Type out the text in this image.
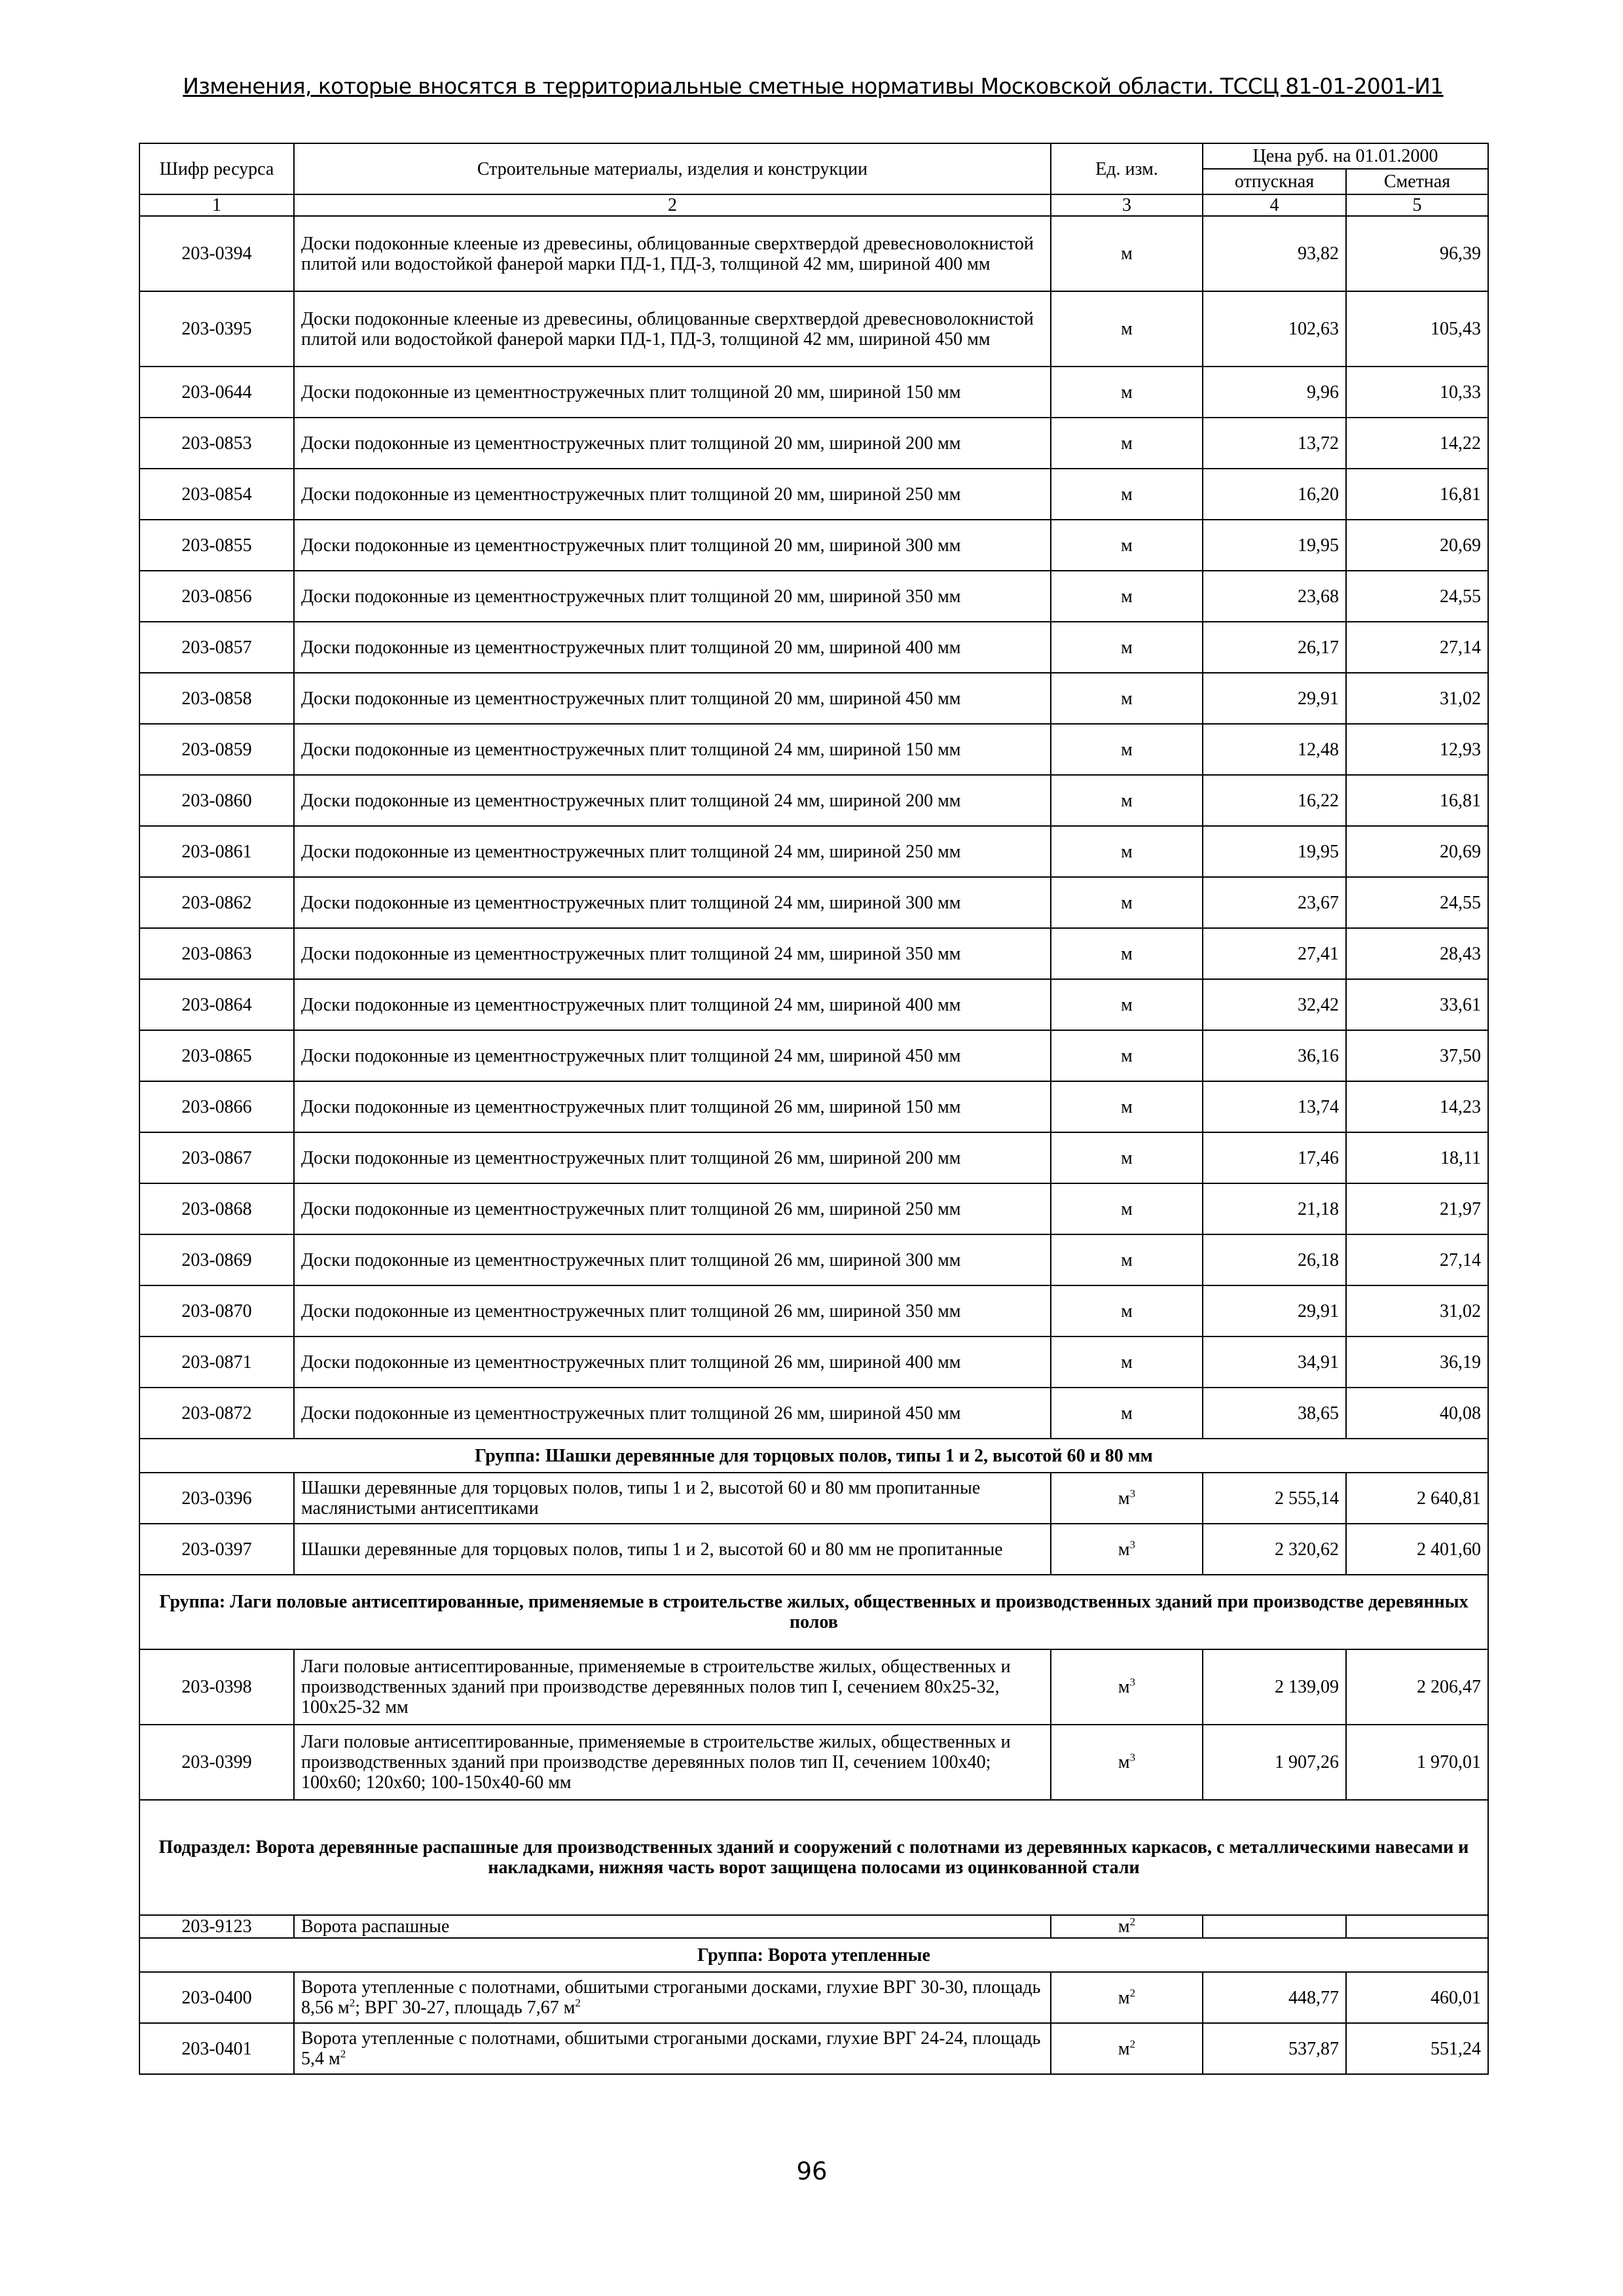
Изменения, которые вносятся в территориальные сметные нормативы Московской области. ТССЦ 81-01-2001-И1
Шифр ресурса	Строительные материалы, изделия и конструкции	Ед. изм.	Цена руб. на 01.01.2000	
			отпускная	Сметная
1	2	3	4	5
203-0394	Доски подоконные клееные из древесины, облицованные сверхтвердой древесноволокнистой плитой или водостойкой фанерой марки ПД-1, ПД-3, толщиной 42 мм, шириной 400 мм	м	93,82	96,39
203-0395	Доски подоконные клееные из древесины, облицованные сверхтвердой древесноволокнистой плитой или водостойкой фанерой марки ПД-1, ПД-3, толщиной 42 мм, шириной 450 мм	м	102,63	105,43
203-0644	Доски подоконные из цементностружечных плит толщиной 20 мм, шириной 150 мм	м	9,96	10,33
203-0853	Доски подоконные из цементностружечных плит толщиной 20 мм, шириной 200 мм	м	13,72	14,22
203-0854	Доски подоконные из цементностружечных плит толщиной 20 мм, шириной 250 мм	м	16,20	16,81
203-0855	Доски подоконные из цементностружечных плит толщиной 20 мм, шириной 300 мм	м	19,95	20,69
203-0856	Доски подоконные из цементностружечных плит толщиной 20 мм, шириной 350 мм	м	23,68	24,55
203-0857	Доски подоконные из цементностружечных плит толщиной 20 мм, шириной 400 мм	м	26,17	27,14
203-0858	Доски подоконные из цементностружечных плит толщиной 20 мм, шириной 450 мм	м	29,91	31,02
203-0859	Доски подоконные из цементностружечных плит толщиной 24 мм, шириной 150 мм	м	12,48	12,93
203-0860	Доски подоконные из цементностружечных плит толщиной 24 мм, шириной 200 мм	м	16,22	16,81
203-0861	Доски подоконные из цементностружечных плит толщиной 24 мм, шириной 250 мм	м	19,95	20,69
203-0862	Доски подоконные из цементностружечных плит толщиной 24 мм, шириной 300 мм	м	23,67	24,55
203-0863	Доски подоконные из цементностружечных плит толщиной 24 мм, шириной 350 мм	м	27,41	28,43
203-0864	Доски подоконные из цементностружечных плит толщиной 24 мм, шириной 400 мм	м	32,42	33,61
203-0865	Доски подоконные из цементностружечных плит толщиной 24 мм, шириной 450 мм	м	36,16	37,50
203-0866	Доски подоконные из цементностружечных плит толщиной 26 мм, шириной 150 мм	м	13,74	14,23
203-0867	Доски подоконные из цементностружечных плит толщиной 26 мм, шириной 200 мм	м	17,46	18,11
203-0868	Доски подоконные из цементностружечных плит толщиной 26 мм, шириной 250 мм	м	21,18	21,97
203-0869	Доски подоконные из цементностружечных плит толщиной 26 мм, шириной 300 мм	м	26,18	27,14
203-0870	Доски подоконные из цементностружечных плит толщиной 26 мм, шириной 350 мм	м	29,91	31,02
203-0871	Доски подоконные из цементностружечных плит толщиной 26 мм, шириной 400 мм	м	34,91	36,19
203-0872	Доски подоконные из цементностружечных плит толщиной 26 мм, шириной 450 мм	м	38,65	40,08
Группа: Шашки деревянные для торцовых полов, типы 1 и 2, высотой 60 и 80 мм				
203-0396	Шашки деревянные для торцовых полов, типы 1 и 2, высотой 60 и 80 мм пропитанные маслянистыми антисептиками	$м^3$	2 555,14	2 640,81
203-0397	Шашки деревянные для торцовых полов, типы 1 и 2, высотой 60 и 80 мм не пропитанные	$м^3$	2 320,62	2 401,60
Группа: Лаги половые антисептированные, применяемые в строительстве жилых, общественных и производственных зданий при производстве деревянных полов				
203-0398	Лаги половые антисептированные, применяемые в строительстве жилых, общественных и производственных зданий при производстве деревянных полов тип I, сечением 80х25-32, 100х25-32 мм	$м^3$	2 139,09	2 206,47
203-0399	Лаги половые антисептированные, применяемые в строительстве жилых, общественных и производственных зданий при производстве деревянных полов тип II, сечением 100х40; 100х60; 120х60; 100-150х40-60 мм	$м^3$	1 907,26	1 970,01
Подраздел: Ворота деревянные распашные для производственных зданий и сооружений с полотнами из деревянных каркасов, с металлическими навесами и накладками, нижняя часть ворот защищена полосами из оцинкованной стали				
203-9123	Ворота распашные	$м^2$		
Группа: Ворота утепленные				
203-0400	Ворота утепленные с полотнами, обшитыми строгаными досками, глухие ВРГ 30-30, площадь 8,56 $м^2$; ВРГ 30-27, площадь 7,67 $м^2$	$м^2$	448,77	460,01
203-0401	Ворота утепленные с полотнами, обшитыми строгаными досками, глухие ВРГ 24-24, площадь 5,4 $м^2$	$м^2$	537,87	551,24
96
